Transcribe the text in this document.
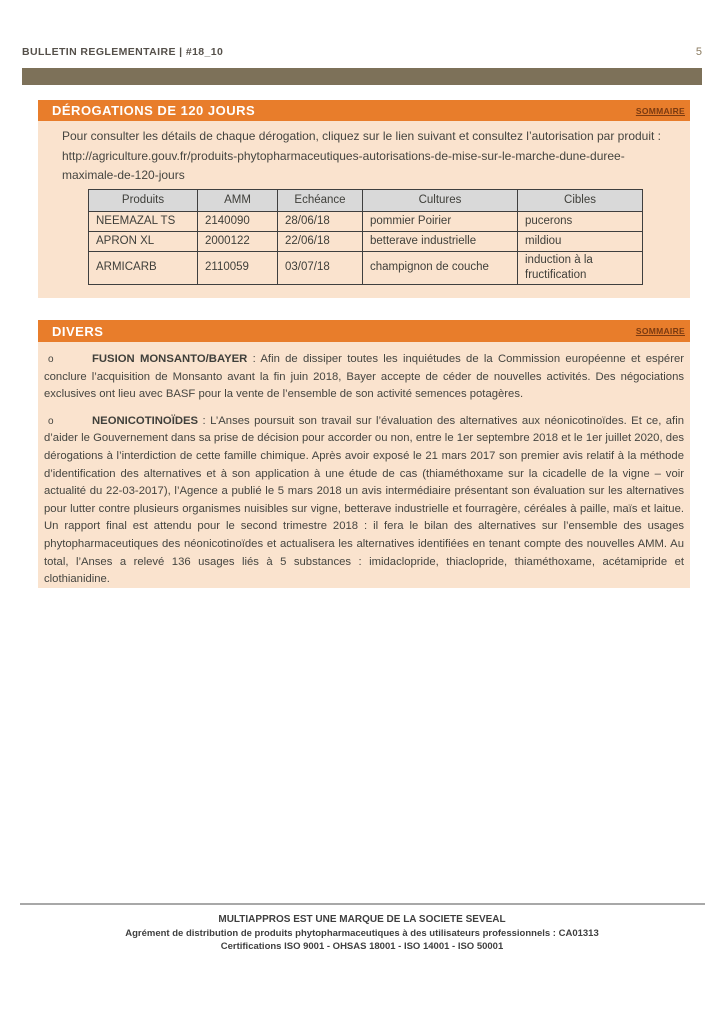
BULLETIN REGLEMENTAIRE | #18_10	5
DÉROGATIONS DE 120 JOURS	SOMMAIRE

Pour consulter les détails de chaque dérogation, cliquez sur le lien suivant et consultez l’autorisation par produit :

http://agriculture.gouv.fr/produits-phytopharmaceutiques-autorisations-de-mise-sur-le-marche-dune-duree-maximale-de-120-jours
Produits	AMM	Echéance	Cultures	Cibles
NEEMAZAL TS	2140090	28/06/18	pommier Poirier	pucerons
APRON XL	2000122	22/06/18	betterave industrielle	mildiou
ARMICARB	2110059	03/07/18	champignon de couche	induction à la fructification
DIVERS	SOMMAIRE
o	FUSION MONSANTO/BAYER : Afin de dissiper toutes les inquiétudes de la Commission européenne et espérer conclure l’acquisition de Monsanto avant la fin juin 2018, Bayer accepte de céder de nouvelles activités. Des négociations exclusives ont lieu avec BASF pour la vente de l’ensemble de son activité semences potagères.
o	NEONICOTINOÏDES : L’Anses poursuit son travail sur l’évaluation des alternatives aux néonicotinoïdes. Et ce, afin d’aider le Gouvernement dans sa prise de décision pour accorder ou non, entre le 1er septembre 2018 et le 1er juillet 2020, des dérogations à l’interdiction de cette famille chimique. Après avoir exposé le 21 mars 2017 son premier avis relatif à la méthode d’identification des alternatives et à son application à une étude de cas (thiaméthoxame sur la cicadelle de la vigne – voir actualité du 22-03-2017), l’Agence a publié le 5 mars 2018 un avis intermédiaire présentant son évaluation sur les alternatives pour lutter contre plusieurs organismes nuisibles sur vigne, betterave industrielle et fourragère, céréales à paille, maïs et laitue.
Un rapport final est attendu pour le second trimestre 2018 : il fera le bilan des alternatives sur l’ensemble des usages phytopharmaceutiques des néonicotinoïdes et actualisera les alternatives identifiées en tenant compte des nouvelles AMM. Au total, l’Anses a relevé 136 usages liés à 5 substances : imidaclopride, thiaclopride, thiaméthoxame, acétamipride et clothianidine.
MULTIAPPROS EST UNE MARQUE DE LA SOCIETE SEVEAL
Agrément de distribution de produits phytopharmaceutiques à des utilisateurs professionnels : CA01313
Certifications ISO 9001 - OHSAS 18001 - ISO 14001 - ISO 50001
